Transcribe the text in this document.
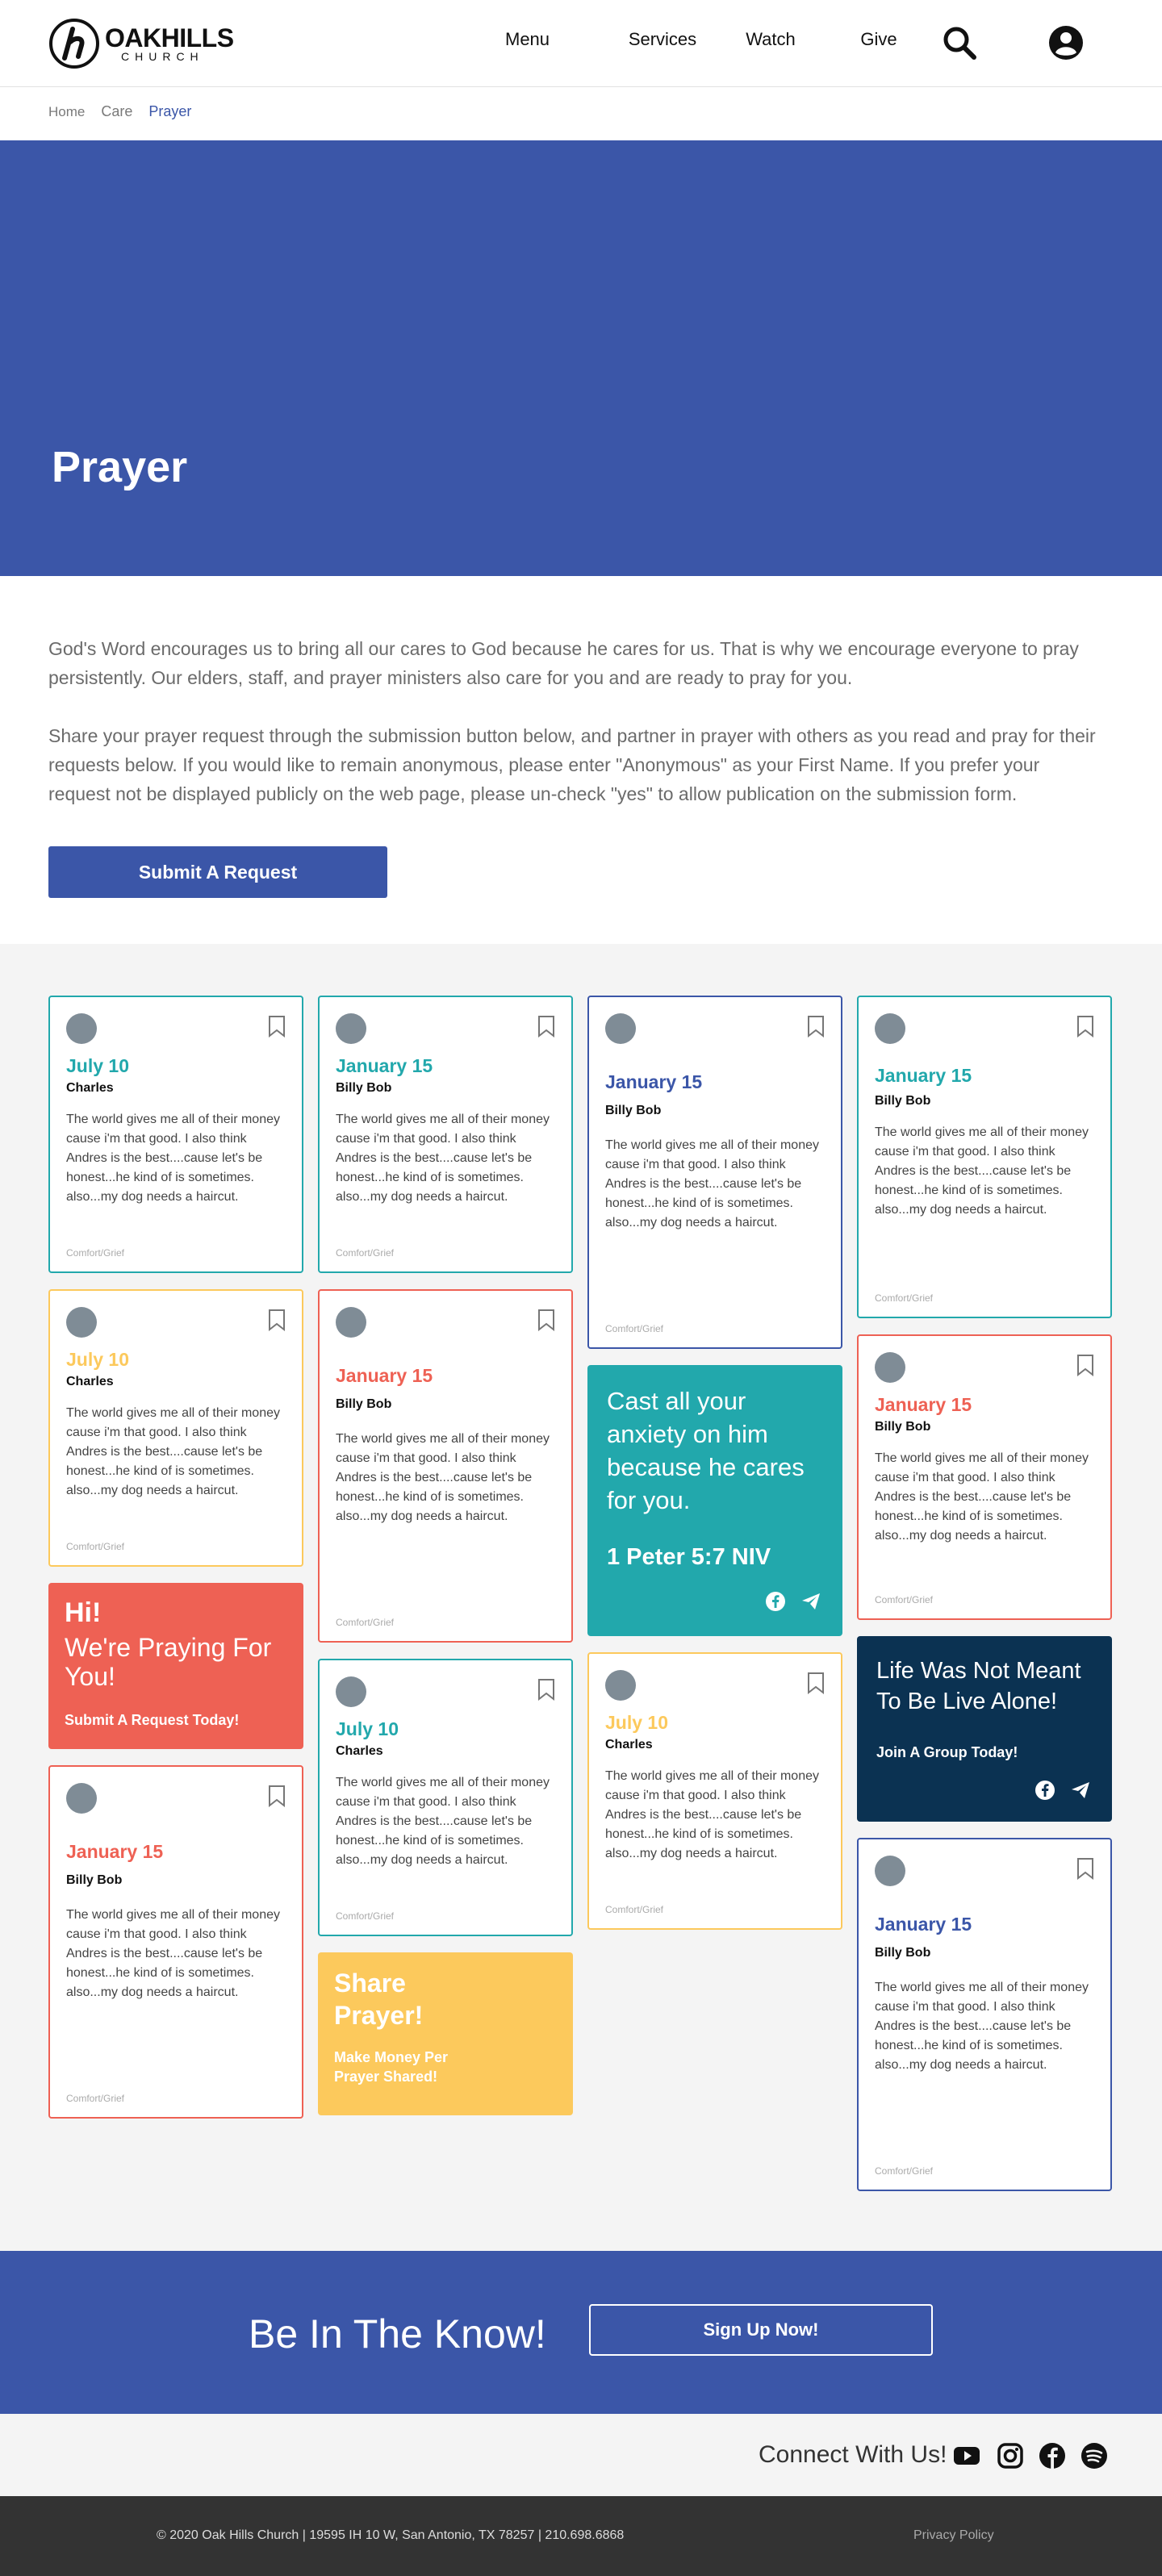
OAKHILLS
CHURCH
Menu	Services	Watch	Give
Home Care Prayer
Prayer

God's Word encourages us to bring all our cares to God because he cares for us. That is why we encourage everyone to pray persistently. Our elders, staff, and prayer ministers also care for you and are ready to pray for you.

Share your prayer request through the submission button below, and partner in prayer with others as you read and pray for their requests below. If you would like to remain anonymous, please enter "Anonymous" as your First Name. If you prefer your request not be displayed publicly on the web page, please un-check "yes" to allow publication on the submission form.

Submit A Request
July 10
Charles
The world gives me all of their money cause i'm that good. I also think Andres is the best....cause let's be honest...he kind of is sometimes. also...my dog needs a haircut.
Comfort/Grief
July 10
Charles
The world gives me all of their money cause i'm that good. I also think Andres is the best....cause let's be honest...he kind of is sometimes. also...my dog needs a haircut.
Comfort/Grief
Hi!
We're Praying For You!
Submit A Request Today!
January 15
Billy Bob
The world gives me all of their money cause i'm that good. I also think Andres is the best....cause let's be honest...he kind of is sometimes. also...my dog needs a haircut.
Comfort/Grief
January 15
Billy Bob
The world gives me all of their money cause i'm that good. I also think Andres is the best....cause let's be honest...he kind of is sometimes. also...my dog needs a haircut.
Comfort/Grief
January 15
Billy Bob
The world gives me all of their money cause i'm that good. I also think Andres is the best....cause let's be honest...he kind of is sometimes. also...my dog needs a haircut.
Comfort/Grief
July 10
Charles
The world gives me all of their money cause i'm that good. I also think Andres is the best....cause let's be honest...he kind of is sometimes. also...my dog needs a haircut.
Comfort/Grief
Share Prayer!
Make Money Per Prayer Shared!
January 15
Billy Bob
The world gives me all of their money cause i'm that good. I also think Andres is the best....cause let's be honest...he kind of is sometimes. also...my dog needs a haircut.
Comfort/Grief
Cast all your anxiety on him because he cares for you.
1 Peter 5:7 NIV
July 10
Charles
The world gives me all of their money cause i'm that good. I also think Andres is the best....cause let's be honest...he kind of is sometimes. also...my dog needs a haircut.
Comfort/Grief
January 15
Billy Bob
The world gives me all of their money cause i'm that good. I also think Andres is the best....cause let's be honest...he kind of is sometimes. also...my dog needs a haircut.
Comfort/Grief
January 15
Billy Bob
The world gives me all of their money cause i'm that good. I also think Andres is the best....cause let's be honest...he kind of is sometimes. also...my dog needs a haircut.
Comfort/Grief
Life Was Not Meant To Be Live Alone!
Join A Group Today!
January 15
Billy Bob
The world gives me all of their money cause i'm that good. I also think Andres is the best....cause let's be honest...he kind of is sometimes. also...my dog needs a haircut.
Comfort/Grief
Be In The Know!	Sign Up Now!
Connect With Us!
© 2020 Oak Hills Church | 19595 IH 10 W, San Antonio, TX 78257 | 210.698.6868	Privacy Policy
